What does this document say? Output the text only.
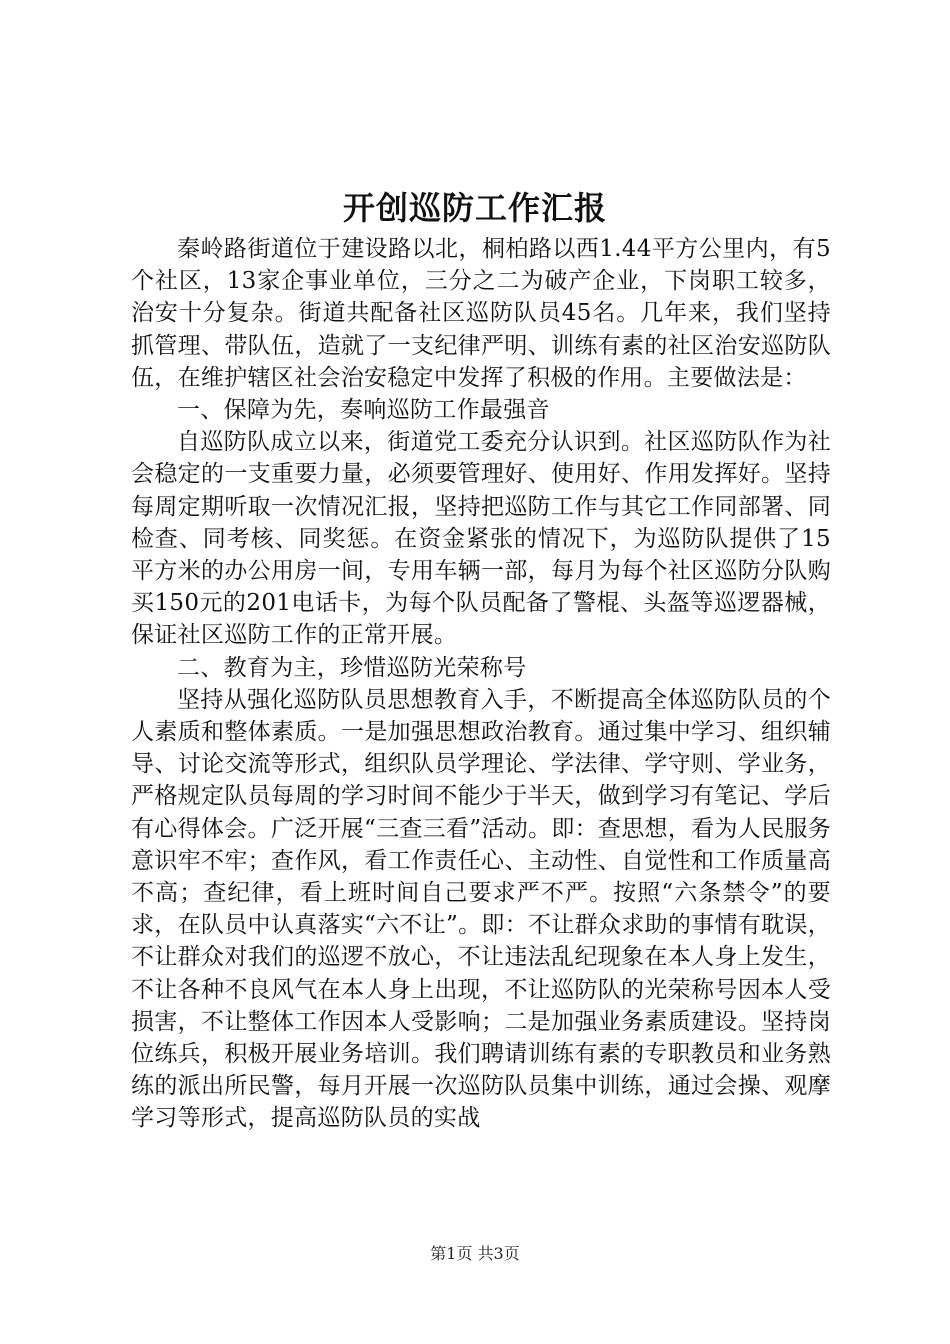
开创巡防工作汇报

秦岭路街道位于建设路以北，桐柏路以西1.44平方公里内，有5个社区，13家企事业单位，三分之二为破产企业，下岗职工较多，治安十分复杂。街道共配备社区巡防队员45名。几年来，我们坚持抓管理、带队伍，造就了一支纪律严明、训练有素的社区治安巡防队伍，在维护辖区社会治安稳定中发挥了积极的作用。主要做法是：

一、保障为先，奏响巡防工作最强音

自巡防队成立以来，街道党工委充分认识到。社区巡防队作为社会稳定的一支重要力量，必须要管理好、使用好、作用发挥好。坚持每周定期听取一次情况汇报，坚持把巡防工作与其它工作同部署、同检查、同考核、同奖惩。在资金紧张的情况下，为巡防队提供了15平方米的办公用房一间，专用车辆一部，每月为每个社区巡防分队购买150元的201电话卡，为每个队员配备了警棍、头盔等巡逻器械，保证社区巡防工作的正常开展。

二、教育为主，珍惜巡防光荣称号

坚持从强化巡防队员思想教育入手，不断提高全体巡防队员的个人素质和整体素质。一是加强思想政治教育。通过集中学习、组织辅导、讨论交流等形式，组织队员学理论、学法律、学守则、学业务，严格规定队员每周的学习时间不能少于半天，做到学习有笔记、学后有心得体会。广泛开展“三查三看”活动。即：查思想，看为人民服务意识牢不牢；查作风，看工作责任心、主动性、自觉性和工作质量高不高；查纪律，看上班时间自己要求严不严。按照“六条禁令”的要求，在队员中认真落实“六不让”。即：不让群众求助的事情有耽误，不让群众对我们的巡逻不放心，不让违法乱纪现象在本人身上发生，不让各种不良风气在本人身上出现，不让巡防队的光荣称号因本人受损害，不让整体工作因本人受影响；二是加强业务素质建设。坚持岗位练兵，积极开展业务培训。我们聘请训练有素的专职教员和业务熟练的派出所民警，每月开展一次巡防队员集中训练，通过会操、观摩学习等形式，提高巡防队员的实战

第1页 共3页
